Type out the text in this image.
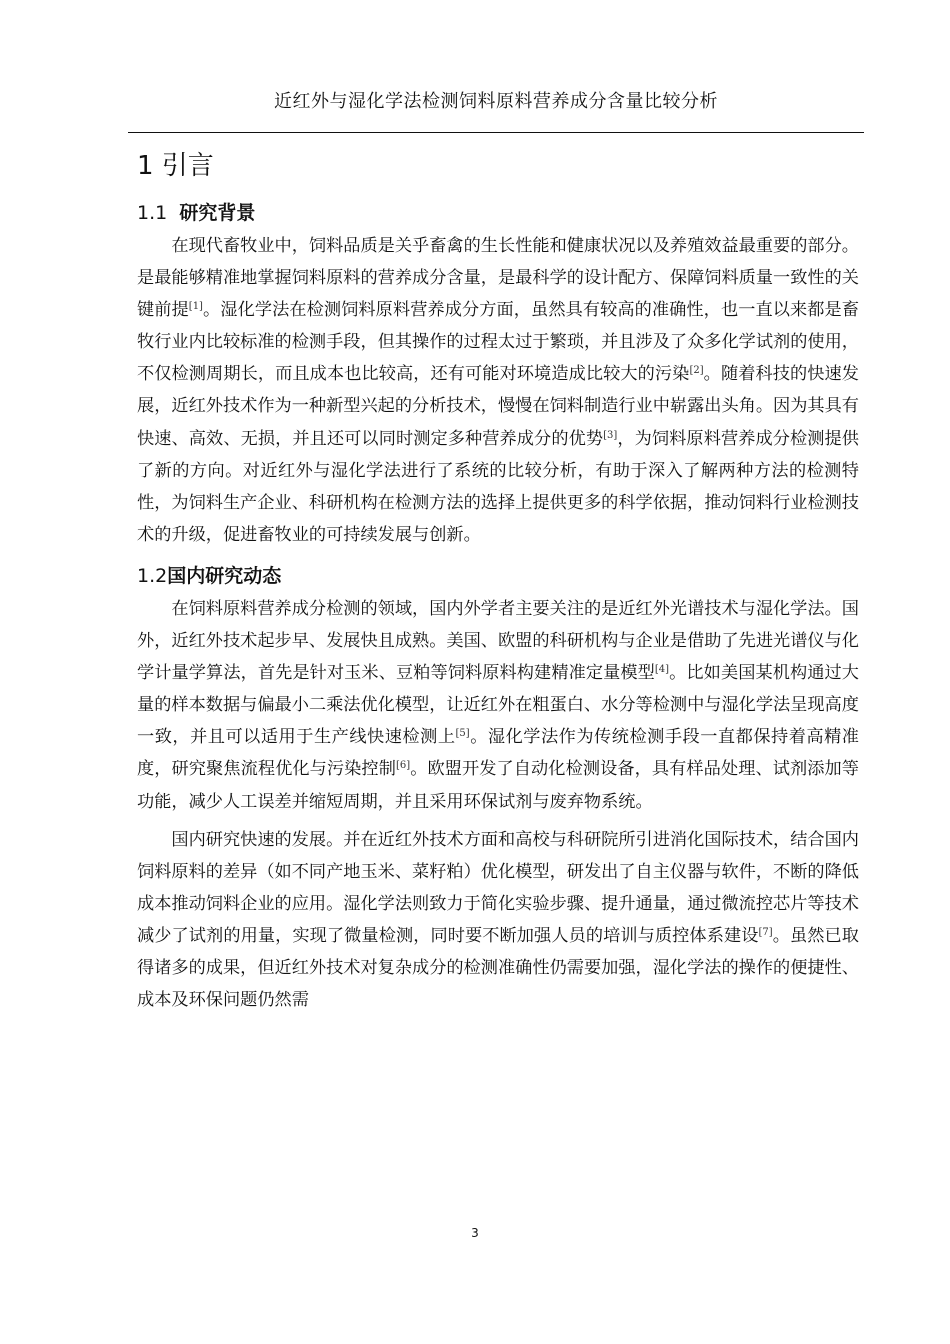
近红外与湿化学法检测饲料原料营养成分含量比较分析
1 引言
1.1 研究背景

在现代畜牧业中，饲料品质是关乎畜禽的生长性能和健康状况以及养殖效益最重要的部分。是最能够精准地掌握饲料原料的营养成分含量，是最科学的设计配方、保障饲料质量一致性的关键前提[1]。湿化学法在检测饲料原料营养成分方面，虽然具有较高的准确性，也一直以来都是畜牧行业内比较标准的检测手段，但其操作的过程太过于繁琐，并且涉及了众多化学试剂的使用，不仅检测周期长，而且成本也比较高，还有可能对环境造成比较大的污染[2]。随着科技的快速发展，近红外技术作为一种新型兴起的分析技术，慢慢在饲料制造行业中崭露出头角。因为其具有快速、高效、无损，并且还可以同时测定多种营养成分的优势[3]，为饲料原料营养成分检测提供了新的方向。对近红外与湿化学法进行了系统的比较分析，有助于深入了解两种方法的检测特性，为饲料生产企业、科研机构在检测方法的选择上提供更多的科学依据，推动饲料行业检测技术的升级，促进畜牧业的可持续发展与创新。

1.2国内研究动态

在饲料原料营养成分检测的领域，国内外学者主要关注的是近红外光谱技术与湿化学法。国外，近红外技术起步早、发展快且成熟。美国、欧盟的科研机构与企业是借助了先进光谱仪与化学计量学算法，首先是针对玉米、豆粕等饲料原料构建精准定量模型[4]。比如美国某机构通过大量的样本数据与偏最小二乘法优化模型，让近红外在粗蛋白、水分等检测中与湿化学法呈现高度一致，并且可以适用于生产线快速检测上[5]。湿化学法作为传统检测手段一直都保持着高精准度，研究聚焦流程优化与污染控制[6]。欧盟开发了自动化检测设备，具有样品处理、试剂添加等功能，减少人工误差并缩短周期，并且采用环保试剂与废弃物系统。

国内研究快速的发展。并在近红外技术方面和高校与科研院所引进消化国际技术，结合国内饲料原料的差异（如不同产地玉米、菜籽粕）优化模型，研发出了自主仪器与软件，不断的降低成本推动饲料企业的应用。湿化学法则致力于简化实验步骤、提升通量，通过微流控芯片等技术减少了试剂的用量，实现了微量检测，同时要不断加强人员的培训与质控体系建设[7]。虽然已取得诸多的成果，但近红外技术对复杂成分的检测准确性仍需要加强，湿化学法的操作的便捷性、成本及环保问题仍然需

3
